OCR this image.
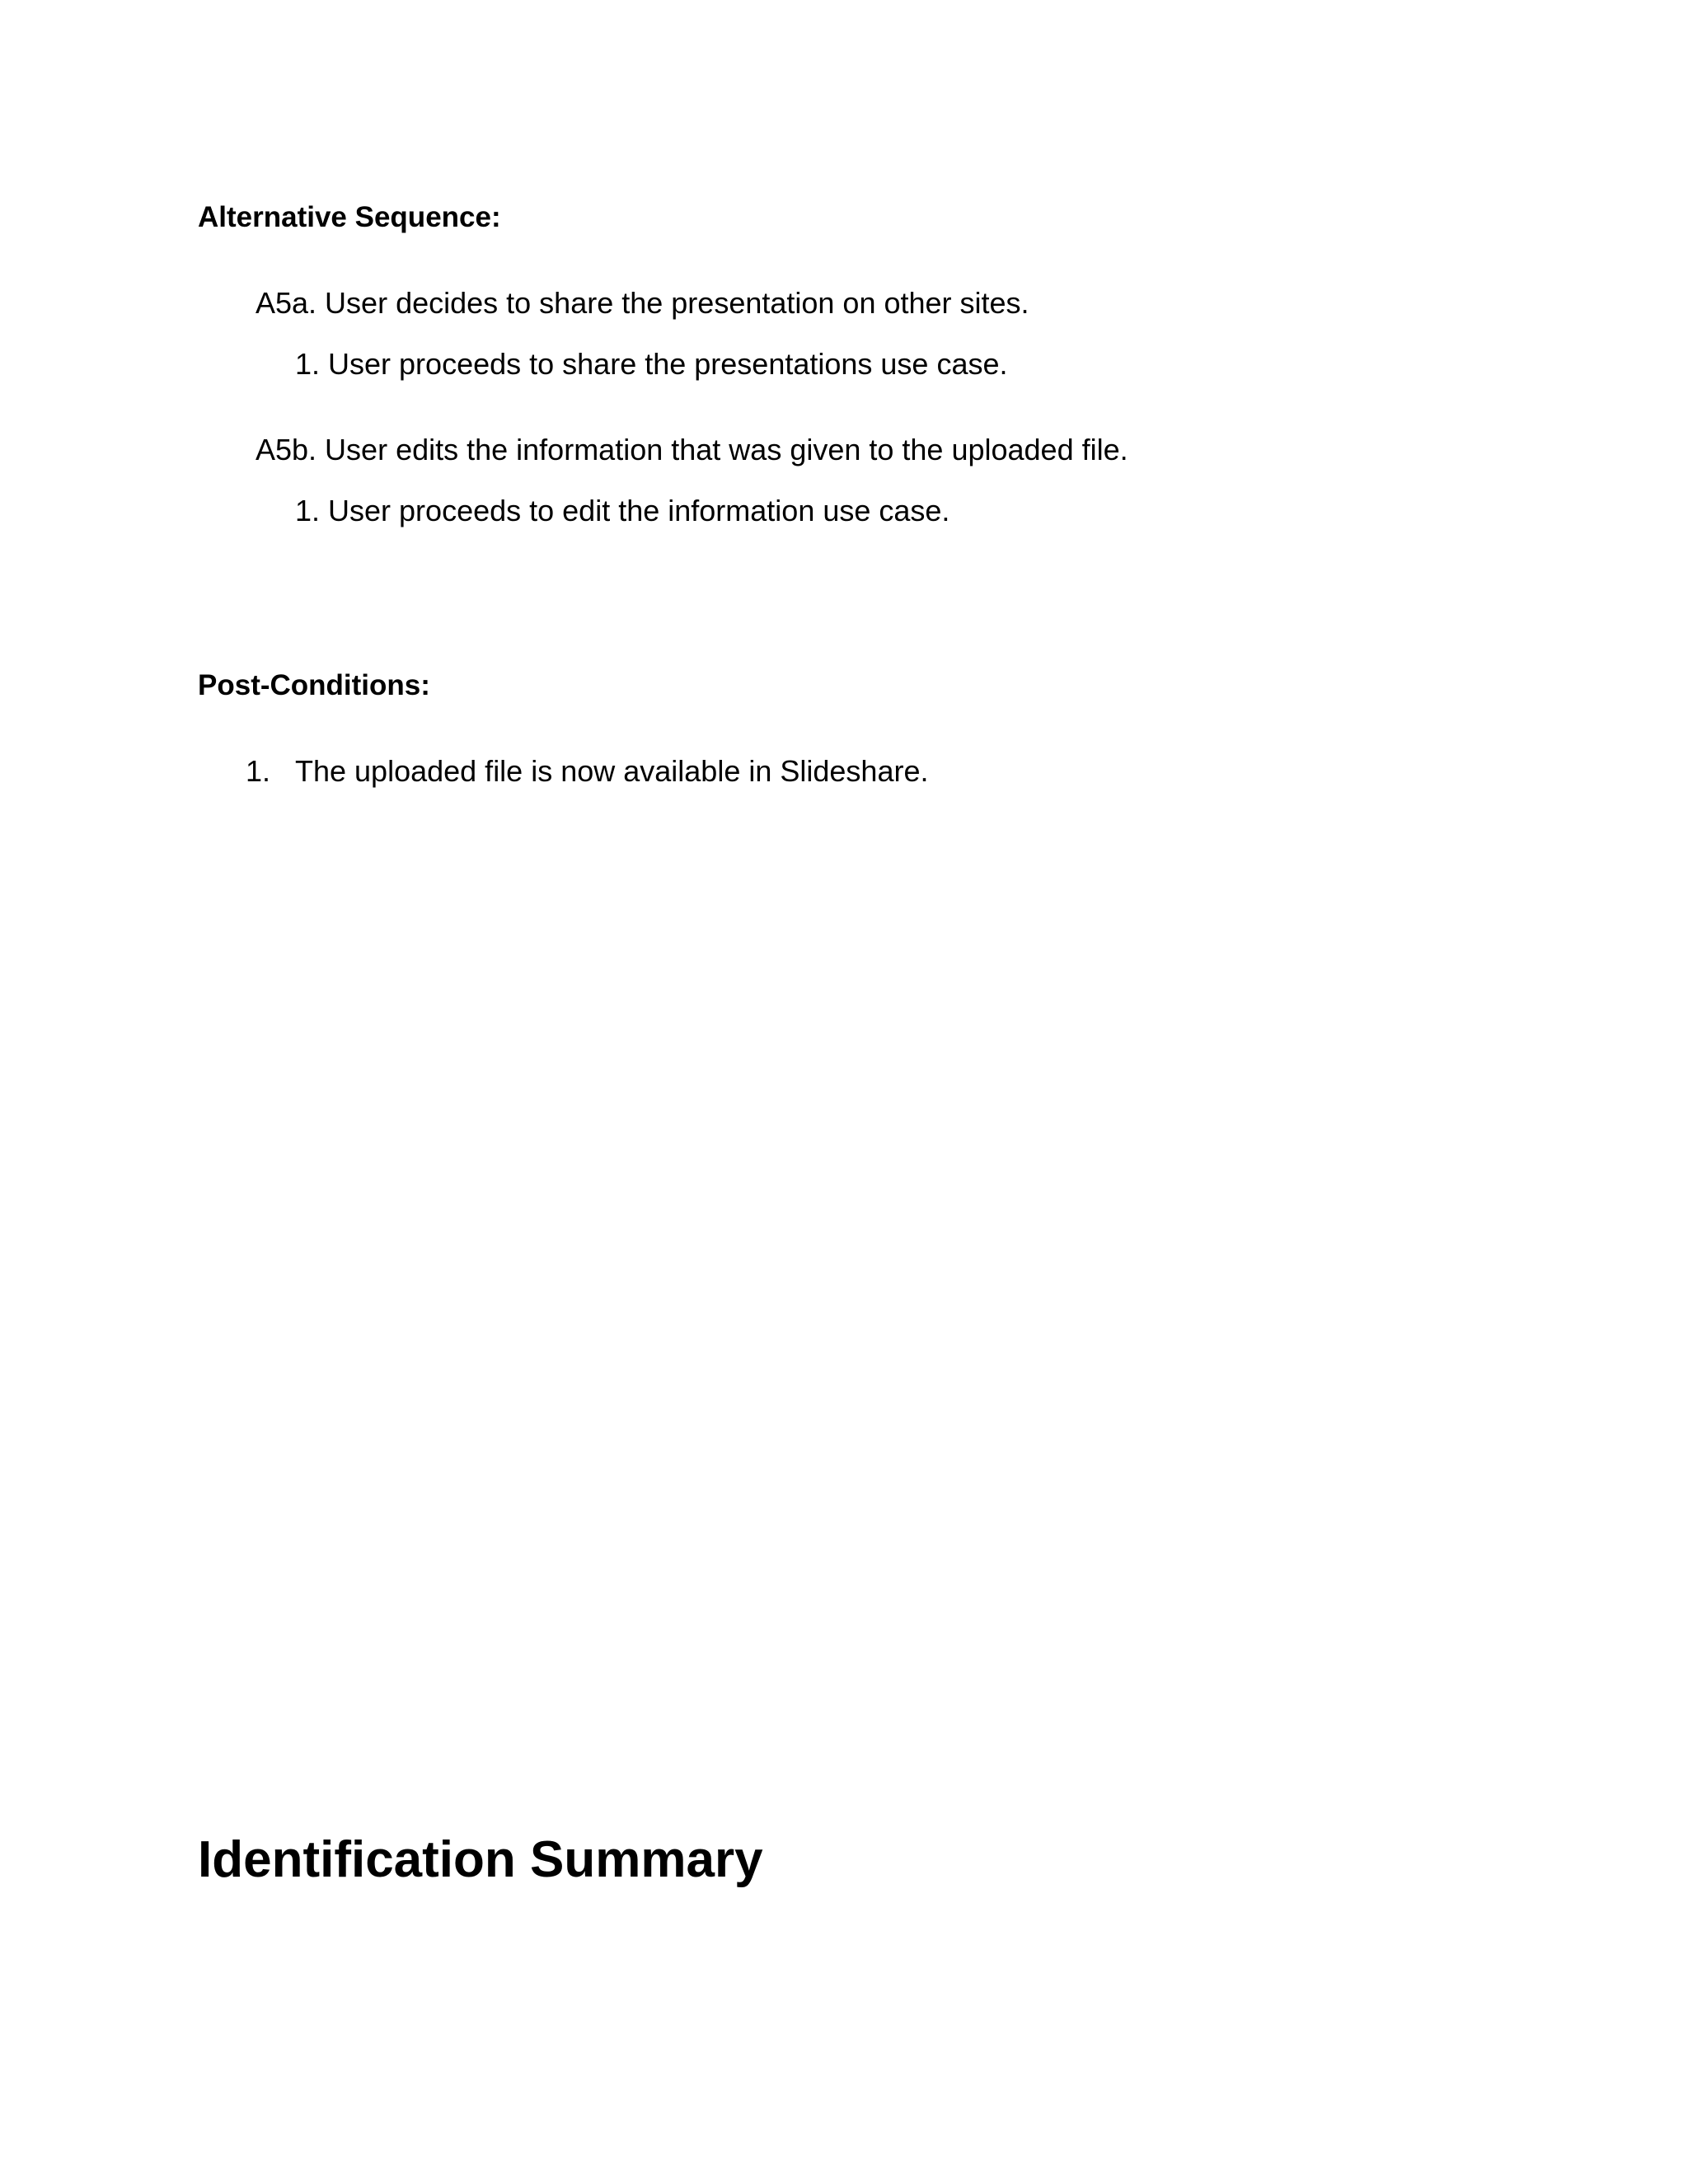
Alternative Sequence:
A5a. User decides to share the presentation on other sites.
1. User proceeds to share the presentations use case.
A5b. User edits the information that was given to the uploaded file.
1. User proceeds to edit the information use case.
Post-Conditions:
1. The uploaded file is now available in Slideshare.
Identification Summary
